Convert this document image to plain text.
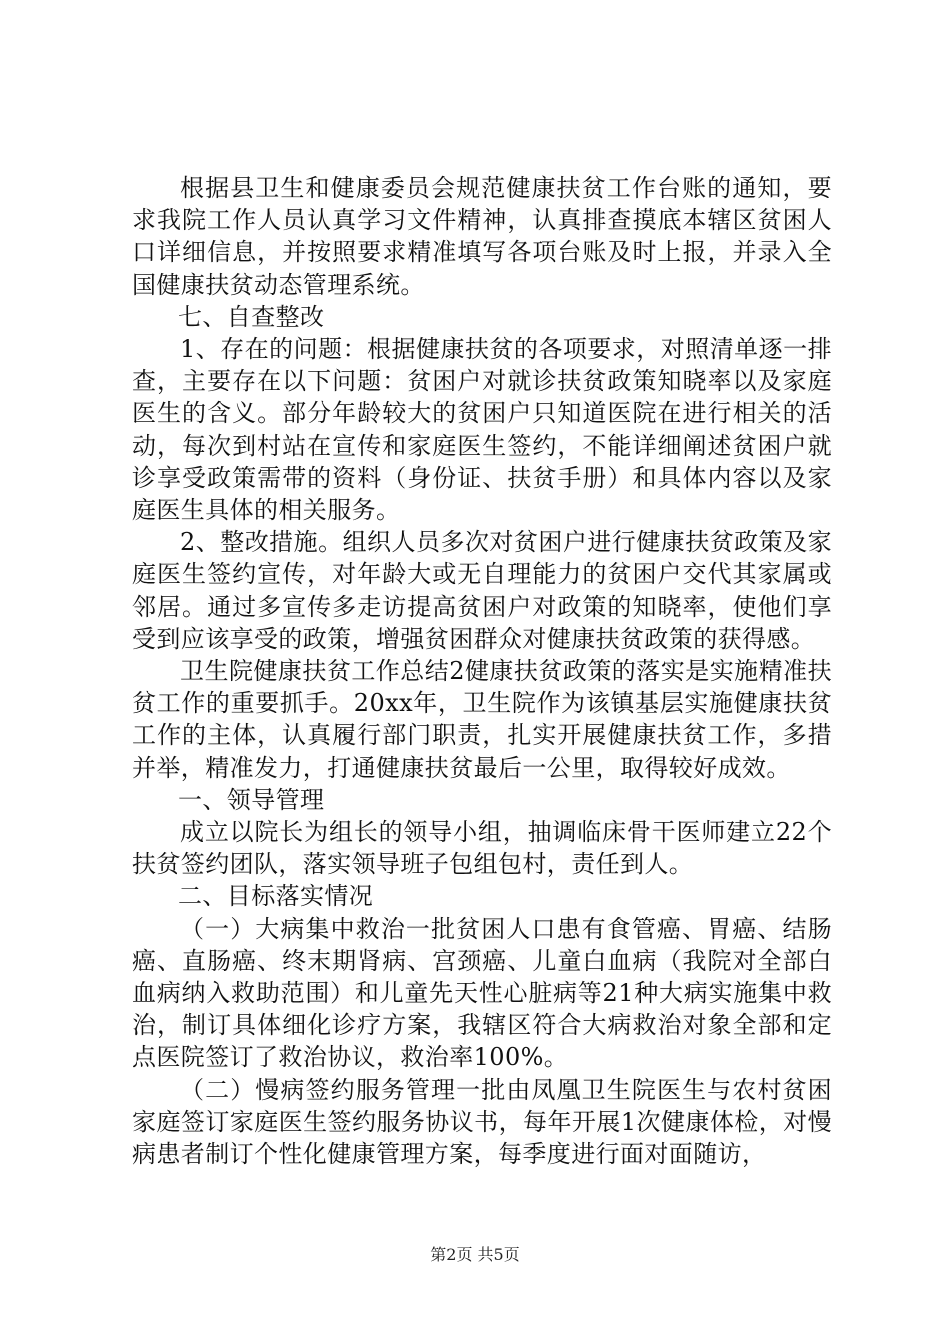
根据县卫生和健康委员会规范健康扶贫工作台账的通知，要求我院工作人员认真学习文件精神，认真排查摸底本辖区贫困人口详细信息，并按照要求精准填写各项台账及时上报，并录入全国健康扶贫动态管理系统。

七、自查整改

1、存在的问题：根据健康扶贫的各项要求，对照清单逐一排查，主要存在以下问题：贫困户对就诊扶贫政策知晓率以及家庭医生的含义。部分年龄较大的贫困户只知道医院在进行相关的活动，每次到村站在宣传和家庭医生签约，不能详细阐述贫困户就诊享受政策需带的资料（身份证、扶贫手册）和具体内容以及家庭医生具体的相关服务。

2、整改措施。组织人员多次对贫困户进行健康扶贫政策及家庭医生签约宣传，对年龄大或无自理能力的贫困户交代其家属或邻居。通过多宣传多走访提高贫困户对政策的知晓率，使他们享受到应该享受的政策，增强贫困群众对健康扶贫政策的获得感。

卫生院健康扶贫工作总结2健康扶贫政策的落实是实施精准扶贫工作的重要抓手。20xx年，卫生院作为该镇基层实施健康扶贫工作的主体，认真履行部门职责，扎实开展健康扶贫工作，多措并举，精准发力，打通健康扶贫最后一公里，取得较好成效。

一、领导管理

成立以院长为组长的领导小组，抽调临床骨干医师建立22个扶贫签约团队，落实领导班子包组包村，责任到人。

二、目标落实情况

（一）大病集中救治一批贫困人口患有食管癌、胃癌、结肠癌、直肠癌、终末期肾病、宫颈癌、儿童白血病（我院对全部白血病纳入救助范围）和儿童先天性心脏病等21种大病实施集中救治，制订具体细化诊疗方案，我辖区符合大病救治对象全部和定点医院签订了救治协议，救治率100%。

（二）慢病签约服务管理一批由凤凰卫生院医生与农村贫困家庭签订家庭医生签约服务协议书，每年开展1次健康体检，对慢病患者制订个性化健康管理方案，每季度进行面对面随访，

第2页 共5页
